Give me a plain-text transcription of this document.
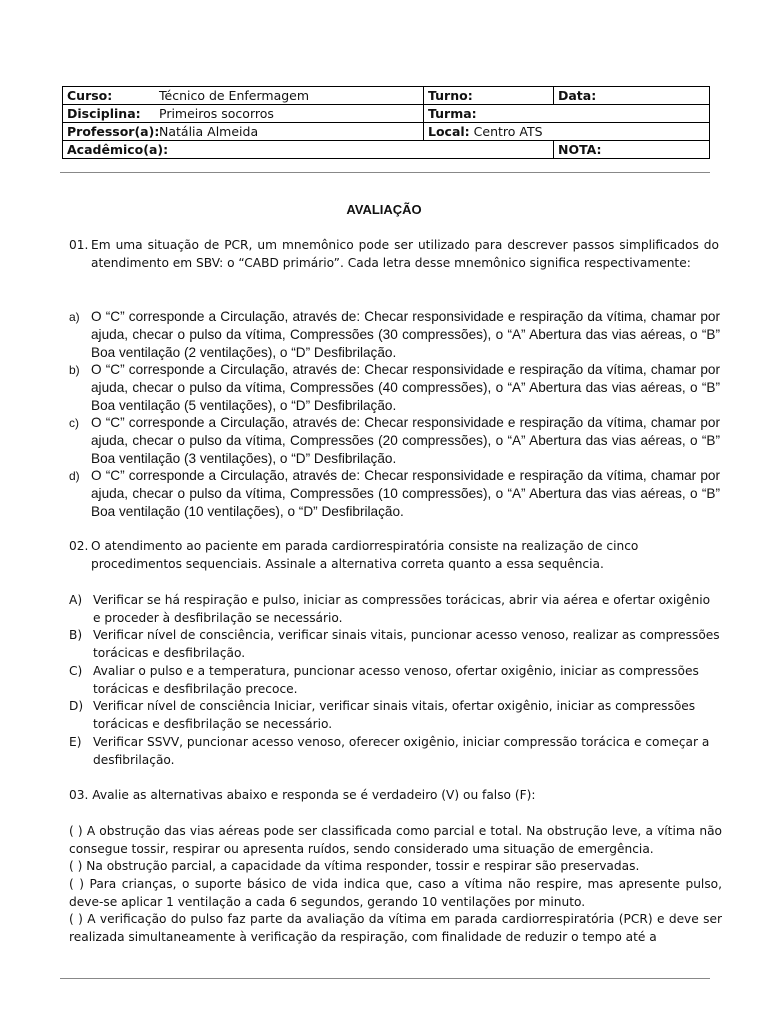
Curso: Técnico de Enfermagem	Turno:	Data:
Disciplina: Primeiros socorros	Turma:	
Professor(a):Natália Almeida	Local: Centro ATS	
Acadêmico(a):		NOTA:
AVALIAÇÃO
01. Em uma situação de PCR, um mnemônico pode ser utilizado para descrever passos simplificados do atendimento em SBV: o “CABD primário”. Cada letra desse mnemônico significa respectivamente:
a) O “C” corresponde a Circulação, através de: Checar responsividade e respiração da vítima, chamar por ajuda, checar o pulso da vítima, Compressões (30 compressões), o “A” Abertura das vias aéreas, o “B” Boa ventilação (2 ventilações), o “D” Desfibrilação.
b) O “C” corresponde a Circulação, através de: Checar responsividade e respiração da vítima, chamar por ajuda, checar o pulso da vítima, Compressões (40 compressões), o “A” Abertura das vias aéreas, o “B” Boa ventilação (5 ventilações), o “D” Desfibrilação.
c) O “C” corresponde a Circulação, através de: Checar responsividade e respiração da vítima, chamar por ajuda, checar o pulso da vítima, Compressões (20 compressões), o “A” Abertura das vias aéreas, o “B” Boa ventilação (3 ventilações), o “D” Desfibrilação.
d) O “C” corresponde a Circulação, através de: Checar responsividade e respiração da vítima, chamar por ajuda, checar o pulso da vítima, Compressões (10 compressões), o “A” Abertura das vias aéreas, o “B” Boa ventilação (10 ventilações), o “D” Desfibrilação.
02. O atendimento ao paciente em parada cardiorrespiratória consiste na realização de cinco procedimentos sequenciais. Assinale a alternativa correta quanto a essa sequência.
A) Verificar se há respiração e pulso, iniciar as compressões torácicas, abrir via aérea e ofertar oxigênio e proceder à desfibrilação se necessário.
B) Verificar nível de consciência, verificar sinais vitais, puncionar acesso venoso, realizar as compressões torácicas e desfibrilação.
C) Avaliar o pulso e a temperatura, puncionar acesso venoso, ofertar oxigênio, iniciar as compressões torácicas e desfibrilação precoce.
D) Verificar nível de consciência Iniciar, verificar sinais vitais, ofertar oxigênio, iniciar as compressões torácicas e desfibrilação se necessário.
E) Verificar SSVV, puncionar acesso venoso, oferecer oxigênio, iniciar compressão torácica e começar a desfibrilação.
03. Avalie as alternativas abaixo e responda se é verdadeiro (V) ou falso (F):
( ) A obstrução das vias aéreas pode ser classificada como parcial e total. Na obstrução leve, a vítima não consegue tossir, respirar ou apresenta ruídos, sendo considerado uma situação de emergência.
( ) Na obstrução parcial, a capacidade da vítima responder, tossir e respirar são preservadas.
( ) Para crianças, o suporte básico de vida indica que, caso a vítima não respire, mas apresente pulso, deve-se aplicar 1 ventilação a cada 6 segundos, gerando 10 ventilações por minuto.
( ) A verificação do pulso faz parte da avaliação da vítima em parada cardiorrespiratória (PCR) e deve ser realizada simultaneamente à verificação da respiração, com finalidade de reduzir o tempo até a
